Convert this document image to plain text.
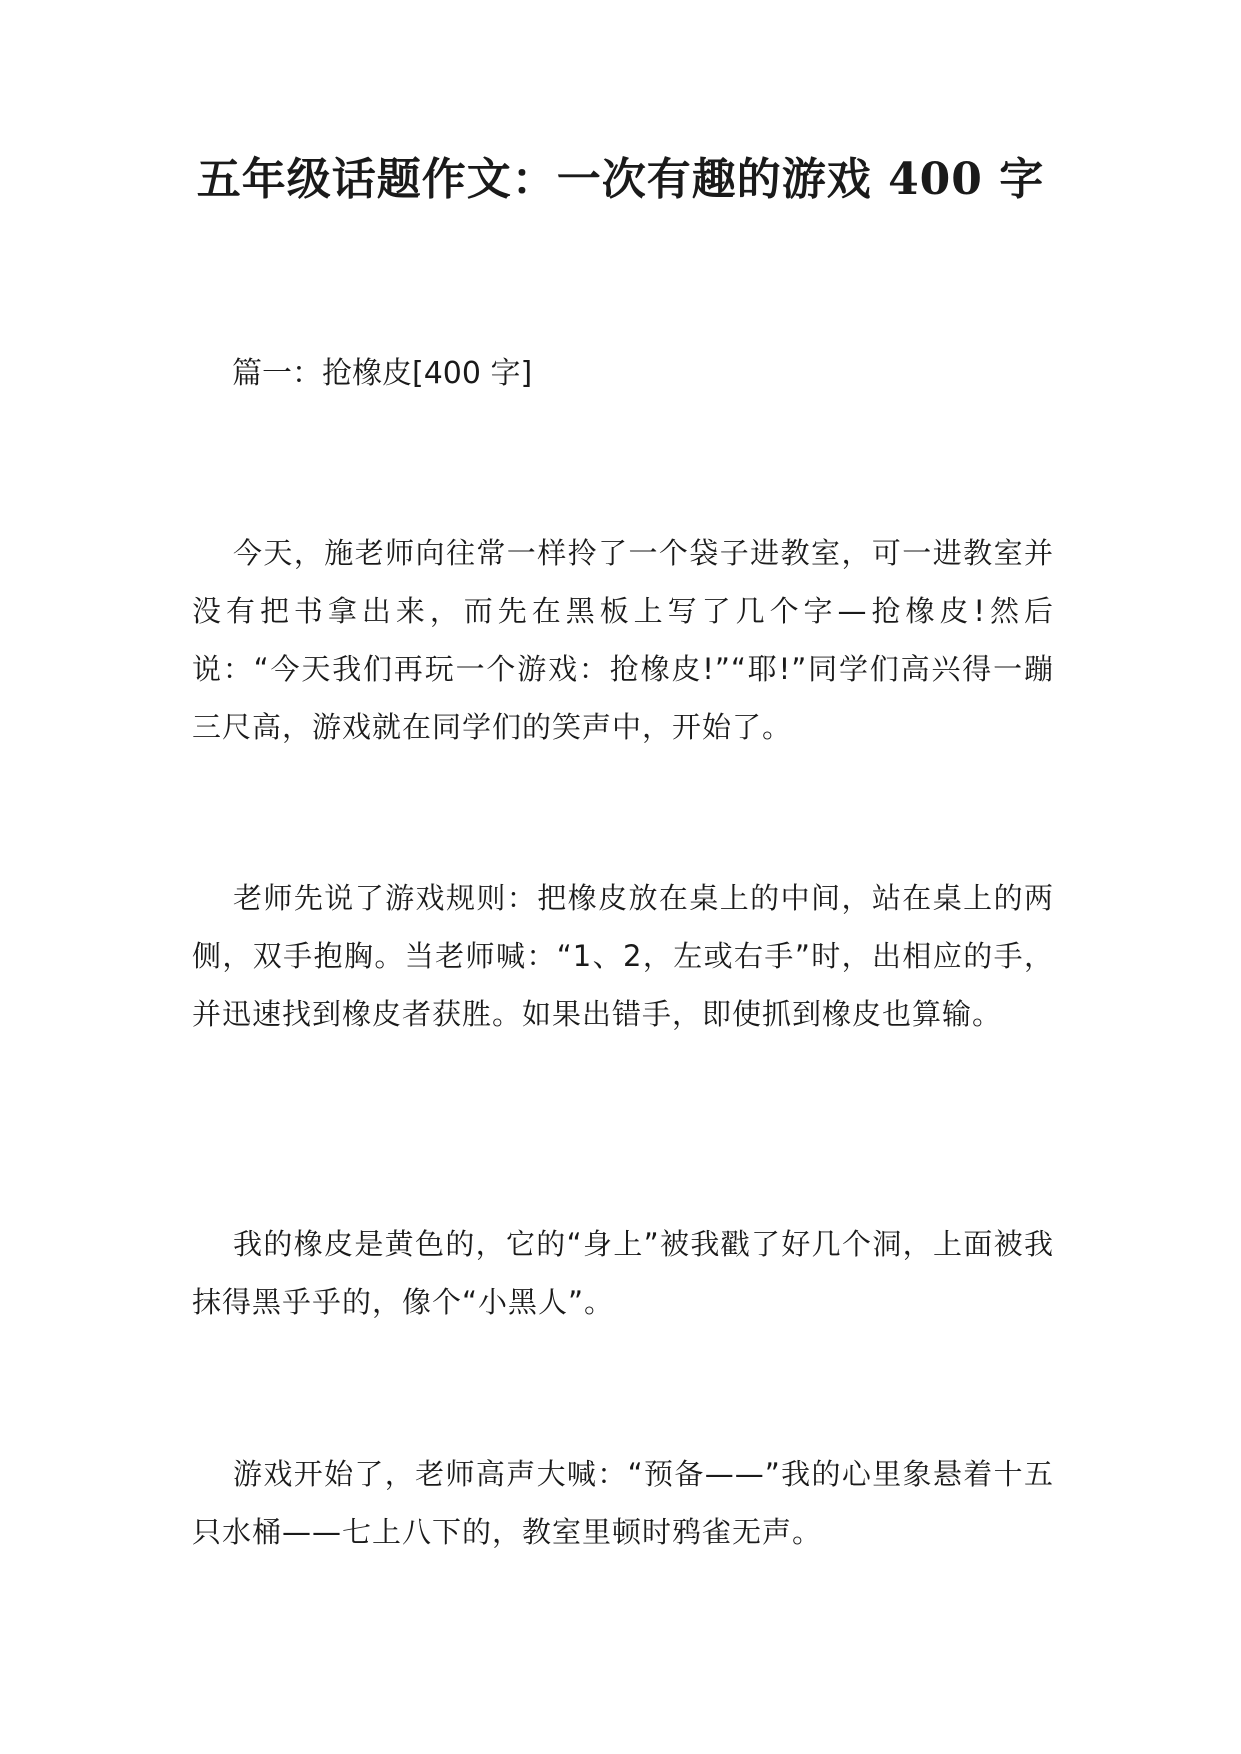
五年级话题作文：一次有趣的游戏 400 字

篇一：抢橡皮[400 字]

今天，施老师向往常一样拎了一个袋子进教室，可一进教室并没有把书拿出来，而先在黑板上写了几个字—抢橡皮!然后说：“今天我们再玩一个游戏：抢橡皮!”“耶!”同学们高兴得一蹦三尺高，游戏就在同学们的笑声中，开始了。

老师先说了游戏规则：把橡皮放在桌上的中间，站在桌上的两侧，双手抱胸。当老师喊：“1、2，左或右手”时，出相应的手，并迅速找到橡皮者获胜。如果出错手，即使抓到橡皮也算输。

我的橡皮是黄色的，它的“身上”被我戳了好几个洞，上面被我抹得黑乎乎的，像个“小黑人”。

游戏开始了，老师高声大喊：“预备——”我的心里象悬着十五只水桶——七上八下的，教室里顿时鸦雀无声。
